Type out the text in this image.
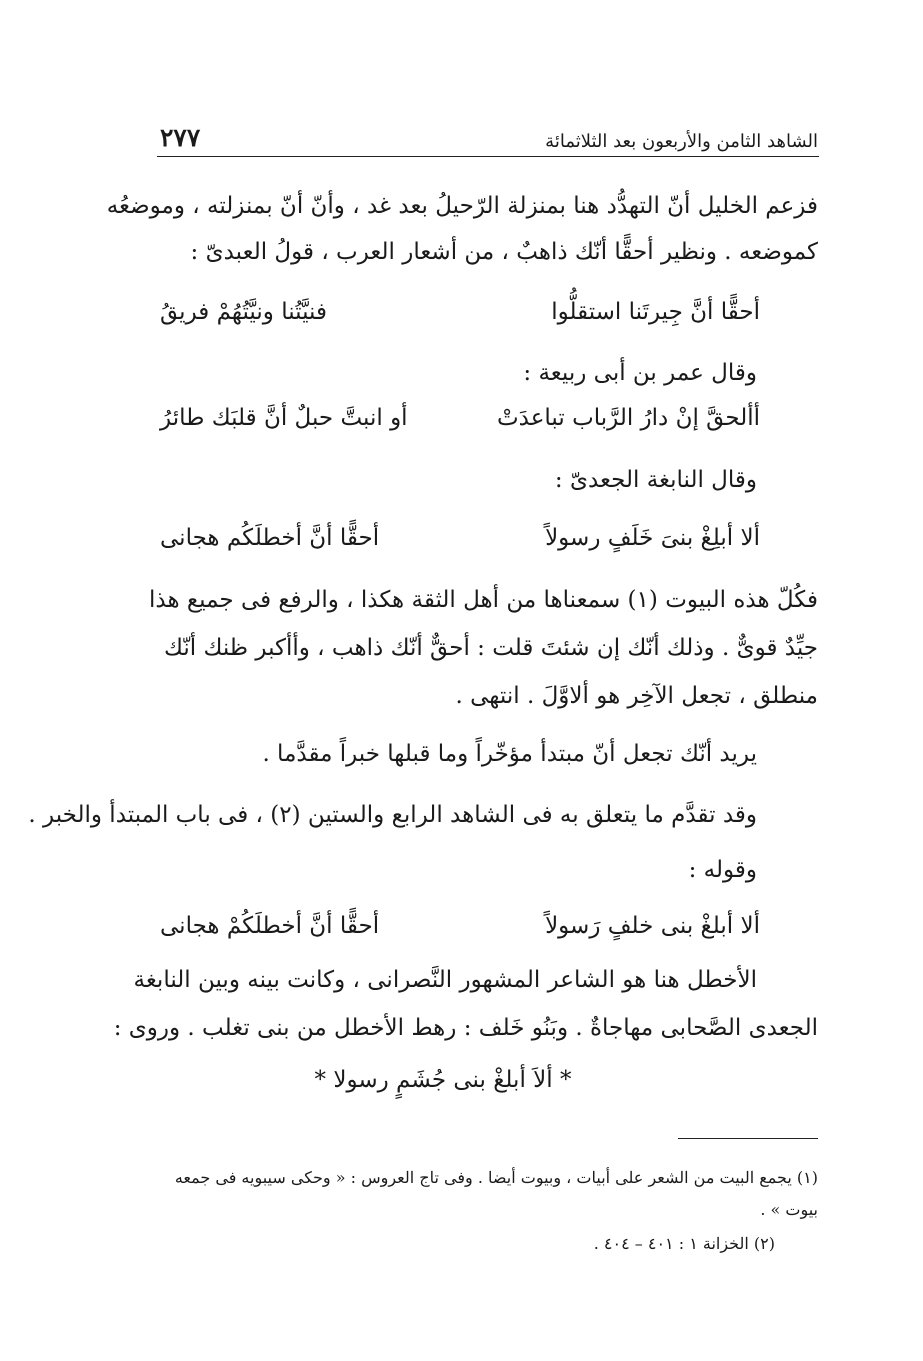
الشاهد الثامن والأربعون بعد الثلاثمائة
٢٧٧
فزعم الخليل أنّ التهدُّد هنا بمنزلة الرّحيلُ بعد غد ، وأنّ أنّ بمنزلته ، وموضعُه
كموضعه . ونظير أحقًّا أنّك ذاهبٌ ، من أشعار العرب ، قولُ العبدىّ :
أحقًّا أنَّ جِيرتَنا استقلُّوا
فنيَّتُنا ونيَّتُهُمْ فريقُ
وقال عمر بن أبى ربيعة :
أألحقَّ إنْ دارُ الرَّباب تباعدَتْ
أو انبتَّ حبلٌ أنَّ قلبَك طائرُ
وقال النابغة الجعدىّ :
ألا أبلِغْ بنىَ خَلَفٍ رسولاً
أحقًّا أنَّ أخطلَكُم هجانى
فكُلّ هذه البيوت (١) سمعناها من أهل الثقة هكذا ، والرفع فى جميع هذا
جيِّدٌ قوىٌّ . وذلك أنّك إن شئتَ قلت : أحقٌّ أنّك ذاهب ، وأأكبر ظنك أنّك
منطلق ، تجعل الآخِر هو ألاوَّلَ . انتهى .
يريد أنّك تجعل أنّ مبتدأ مؤخّراً وما قبلها خبراً مقدَّما .
وقد تقدَّم ما يتعلق به فى الشاهد الرابع والستين (٢) ، فى باب المبتدأ والخبر .
وقوله :
ألا أبلغْ بنى خلفٍ رَسولاً
أحقًّا أنَّ أخطلَكُمْ هجانى
الأخطل هنا هو الشاعر المشهور النَّصرانى ، وكانت بينه وبين النابغة
الجعدى الصَّحابى مهاجاةٌ . وبَنُو خَلف : رهط الأخطل من بنى تغلب . وروى :
* ألاَ أبلغْ بنى جُشَمٍ رسولا *
(١) يجمع البيت من الشعر على أبيات ، وبيوت أيضا . وفى تاج العروس : « وحكى سيبويه فى جمعه
بيوت » .
(٢) الخزانة ١ : ٤٠١ – ٤٠٤ .
